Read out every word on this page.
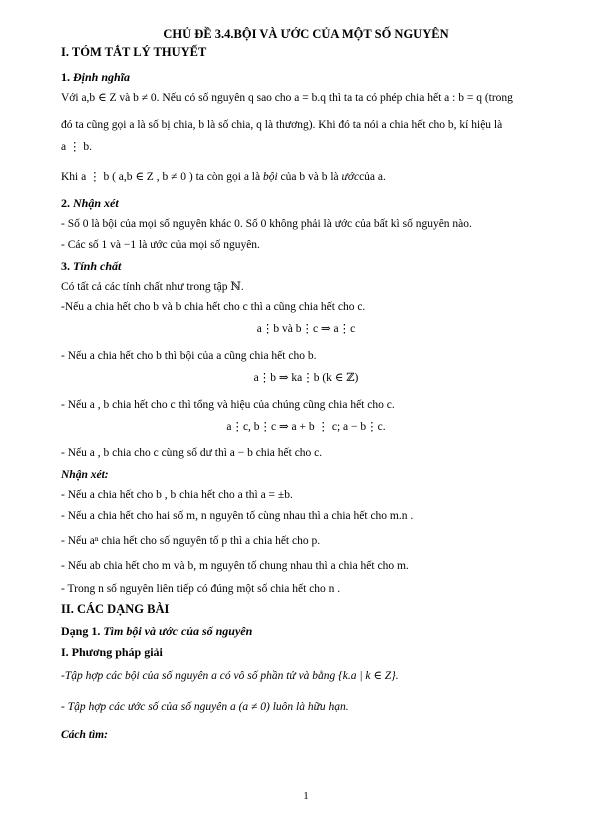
CHỦ ĐỀ 3.4.BỘI VÀ ƯỚC CỦA MỘT SỐ NGUYÊN
I. TÓM TẮT LÝ THUYẾT
1. Định nghĩa
Với a,b ∈ Z và b ≠ 0. Nếu có số nguyên q sao cho a = b.q thì ta ta có phép chia hết a : b = q (trong
đó ta cũng gọi a là số bị chia, b là số chia, q là thương). Khi đó ta nói a chia hết cho b, kí hiệu là
a ⋮ b.
Khi a ⋮ b ( a,b ∈ Z , b ≠ 0 ) ta còn gọi a là bội của b và b là ướccủa a.
2. Nhận xét
- Số 0 là bội của mọi số nguyên khác 0. Số 0 không phải là ước của bất kì số nguyên nào.
- Các số 1 và −1 là ước của mọi số nguyên.
3. Tính chất
Có tất cả các tính chất như trong tập ℕ.
-Nếu a chia hết cho b và b chia hết cho c thì a cũng chia hết cho c.
a⋮b và b⋮c ⇒ a⋮c
- Nếu a chia hết cho b thì bội của a cũng chia hết cho b.
a⋮b ⇒ ka⋮b (k ∈ ℤ)
- Nếu a , b chia hết cho c thì tổng và hiệu của chúng cũng chia hết cho c.
a⋮c, b⋮c ⇒ a + b ⋮ c; a − b⋮c.
- Nếu a , b chia cho c cùng số dư thì a − b chia hết cho c.
Nhận xét:
- Nếu a chia hết cho b , b chia hết cho a thì a = ±b.
- Nếu a chia hết cho hai số m, n nguyên tố cùng nhau thì a chia hết cho m.n .
- Nếu aⁿ chia hết cho số nguyên tố p thì a chia hết cho p.
- Nếu ab chia hết cho m và b, m nguyên tố chung nhau thì a chia hết cho m.
- Trong n số nguyên liên tiếp có đúng một số chia hết cho n .
II. CÁC DẠNG BÀI
Dạng 1. Tìm bội và ước của số nguyên
I. Phương pháp giải
-Tập hợp các bội của số nguyên a có vô số phần tử và bằng {k.a | k ∈ Z}.
- Tập hợp các ước số của số nguyên a (a ≠ 0) luôn là hữu hạn.
Cách tìm:
1
